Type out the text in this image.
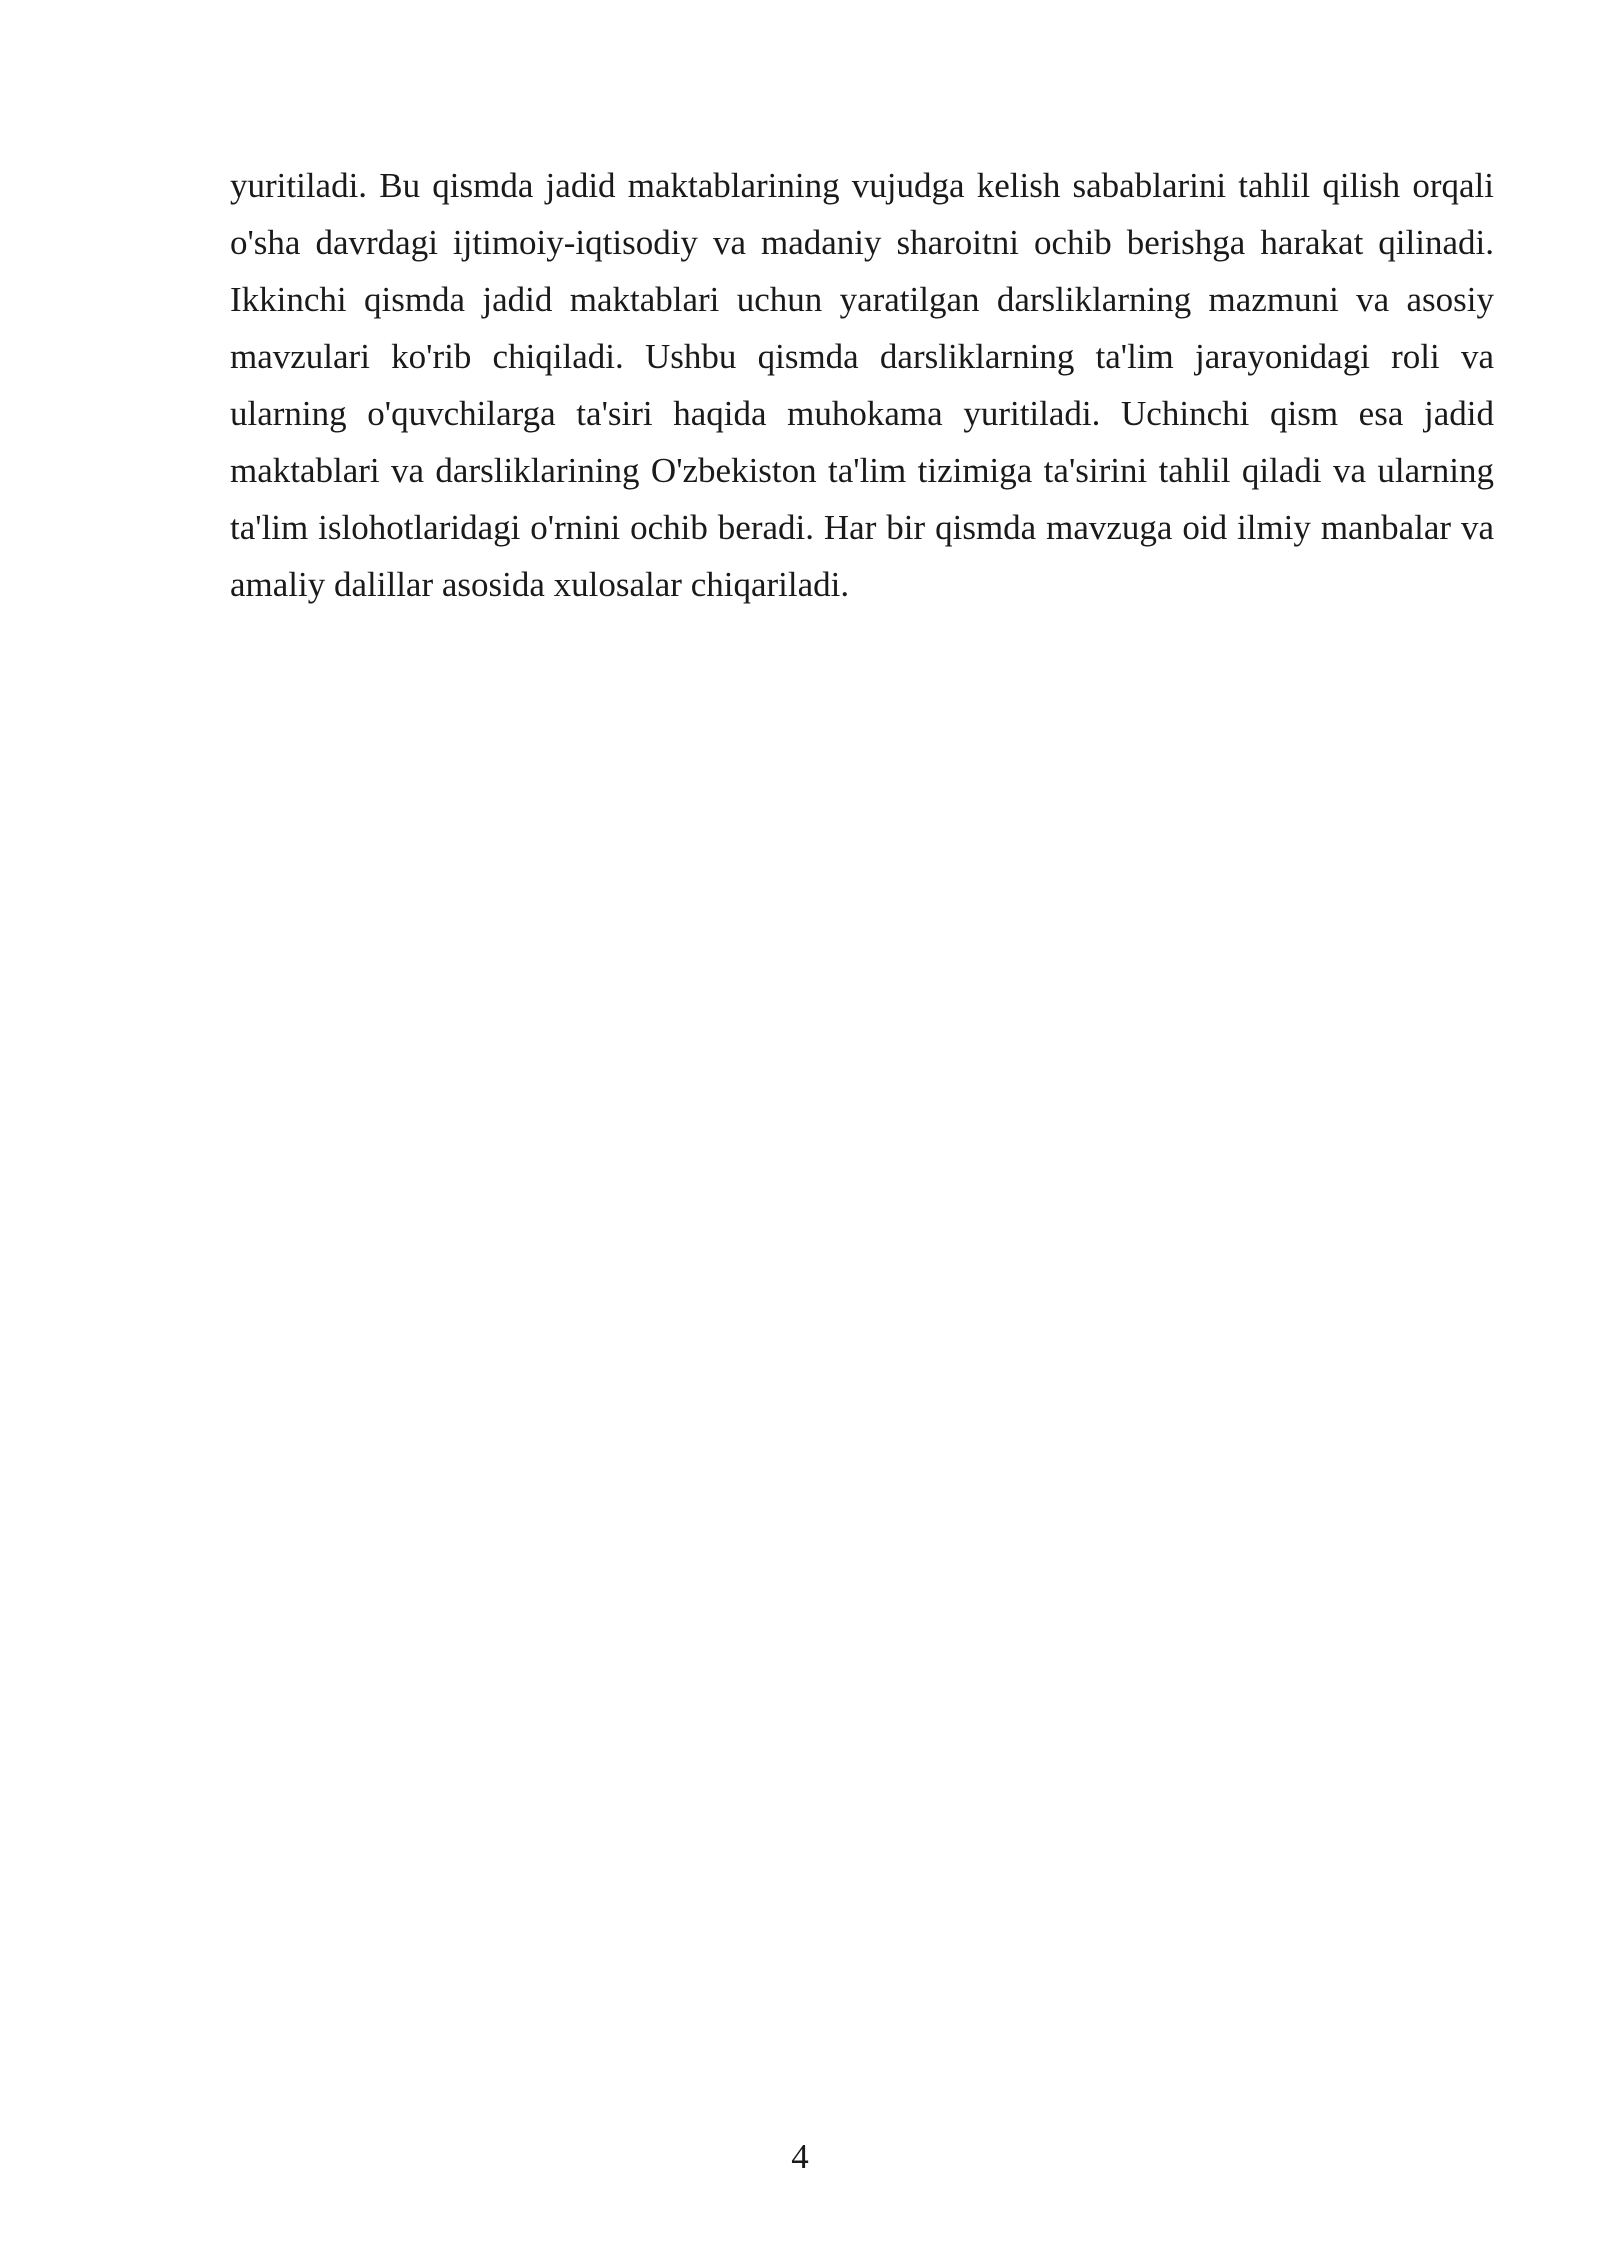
yuritiladi. Bu qismda jadid maktablarining vujudga kelish sabablarini tahlil qilish orqali o'sha davrdagi ijtimoiy-iqtisodiy va madaniy sharoitni ochib berishga harakat qilinadi. Ikkinchi qismda jadid maktablari uchun yaratilgan darsliklarning mazmuni va asosiy mavzulari ko'rib chiqiladi. Ushbu qismda darsliklarning ta'lim jarayonidagi roli va ularning o'quvchilarga ta'siri haqida muhokama yuritiladi. Uchinchi qism esa jadid maktablari va darsliklarining O'zbekiston ta'lim tizimiga ta'sirini tahlil qiladi va ularning ta'lim islohotlaridagi o'rnini ochib beradi. Har bir qismda mavzuga oid ilmiy manbalar va amaliy dalillar asosida xulosalar chiqariladi.

4
